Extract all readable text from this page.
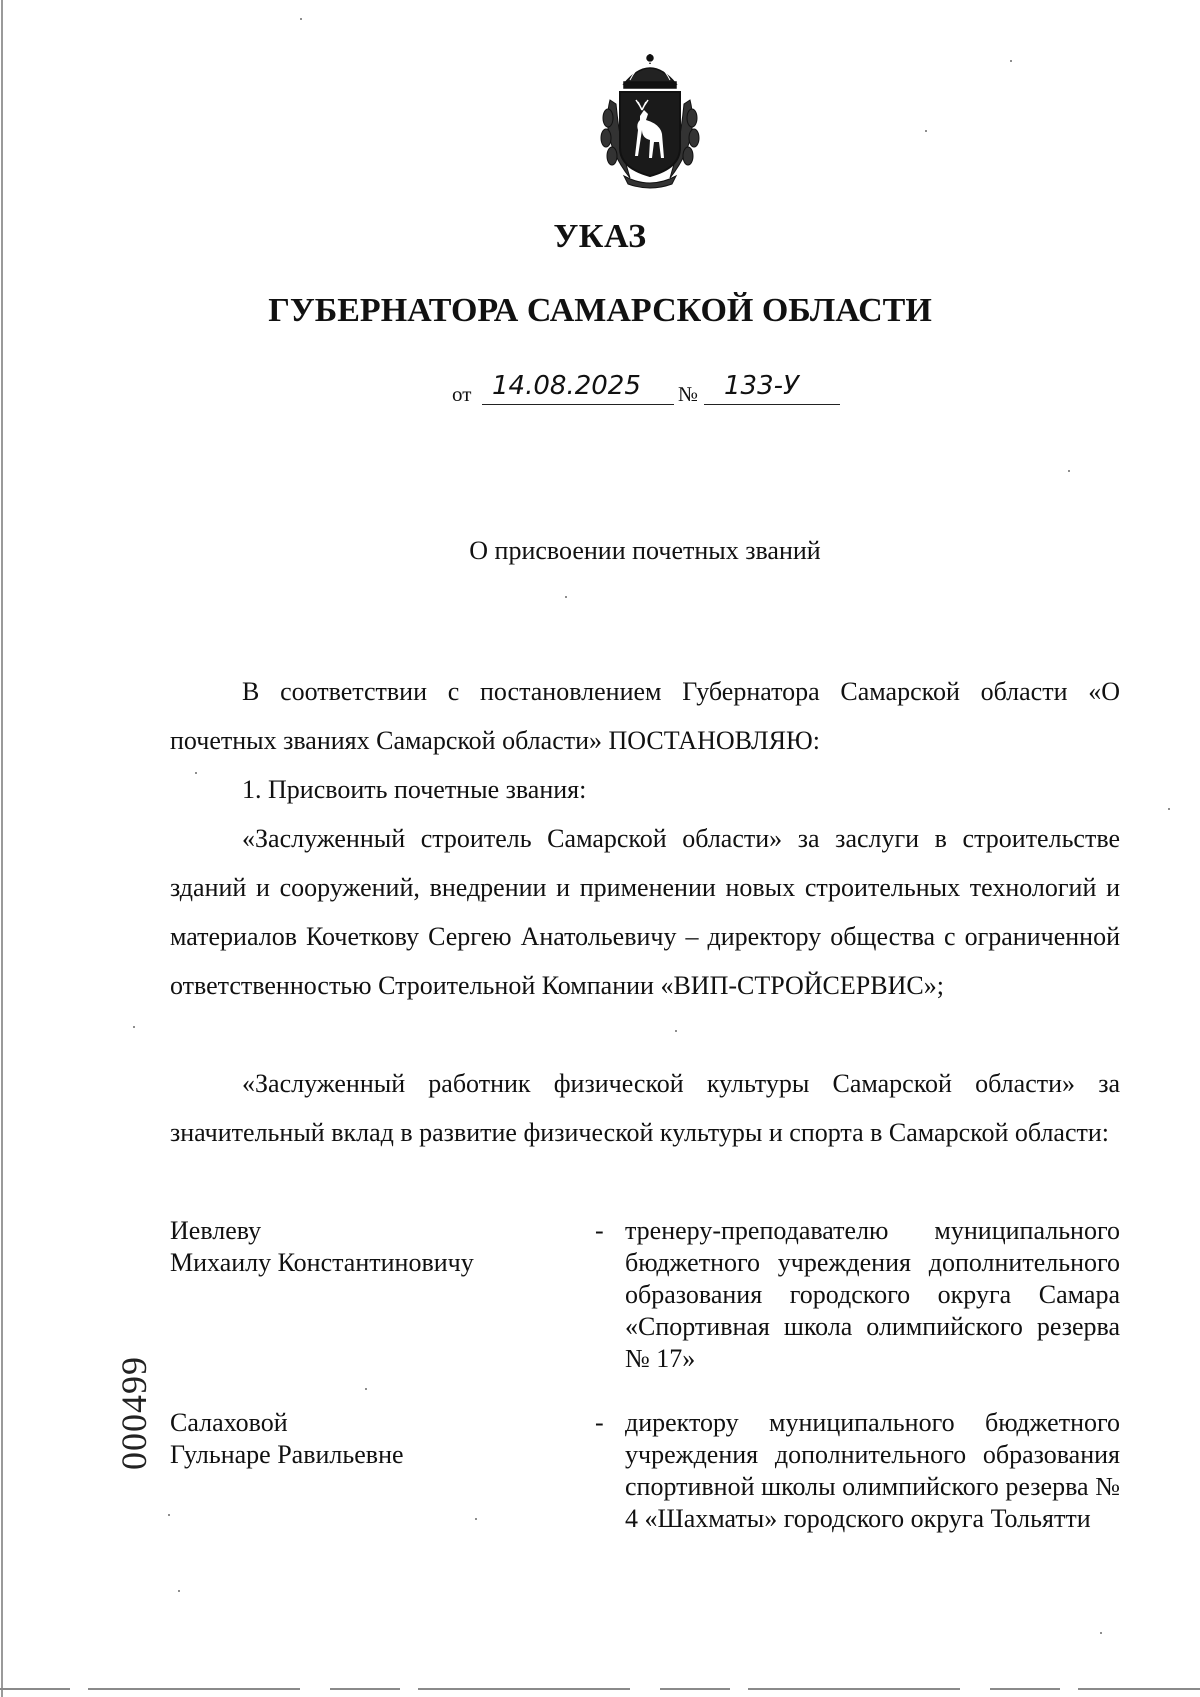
УКАЗ
ГУБЕРНАТОРА САМАРСКОЙ ОБЛАСТИ
от 14.08.2025	№ 133-У
О присвоении почетных званий
В соответствии с постановлением Губернатора Самарской области «О почетных званиях Самарской области» ПОСТАНОВЛЯЮ:
1. Присвоить почетные звания:
«Заслуженный строитель Самарской области» за заслуги в строительстве зданий и сооружений, внедрении и применении новых строительных технологий и материалов Кочеткову Сергею Анатольевичу – директору общества с ограниченной ответственностью Строительной Компании «ВИП-СТРОЙСЕРВИС»;
«Заслуженный работник физической культуры Самарской области» за значительный вклад в развитие физической культуры и спорта в Самарской области:
Иевлеву
Михаилу Константиновичу
- тренеру-преподавателю муниципального бюджетного учреждения дополнительного образования городского округа Самара «Спортивная школа олимпийского резерва № 17»
Салаховой
Гульнаре Равильевне
- директору муниципального бюджетного учреждения дополнительного образования спортивной школы олимпийского резерва № 4 «Шахматы» городского округа Тольятти
000499
